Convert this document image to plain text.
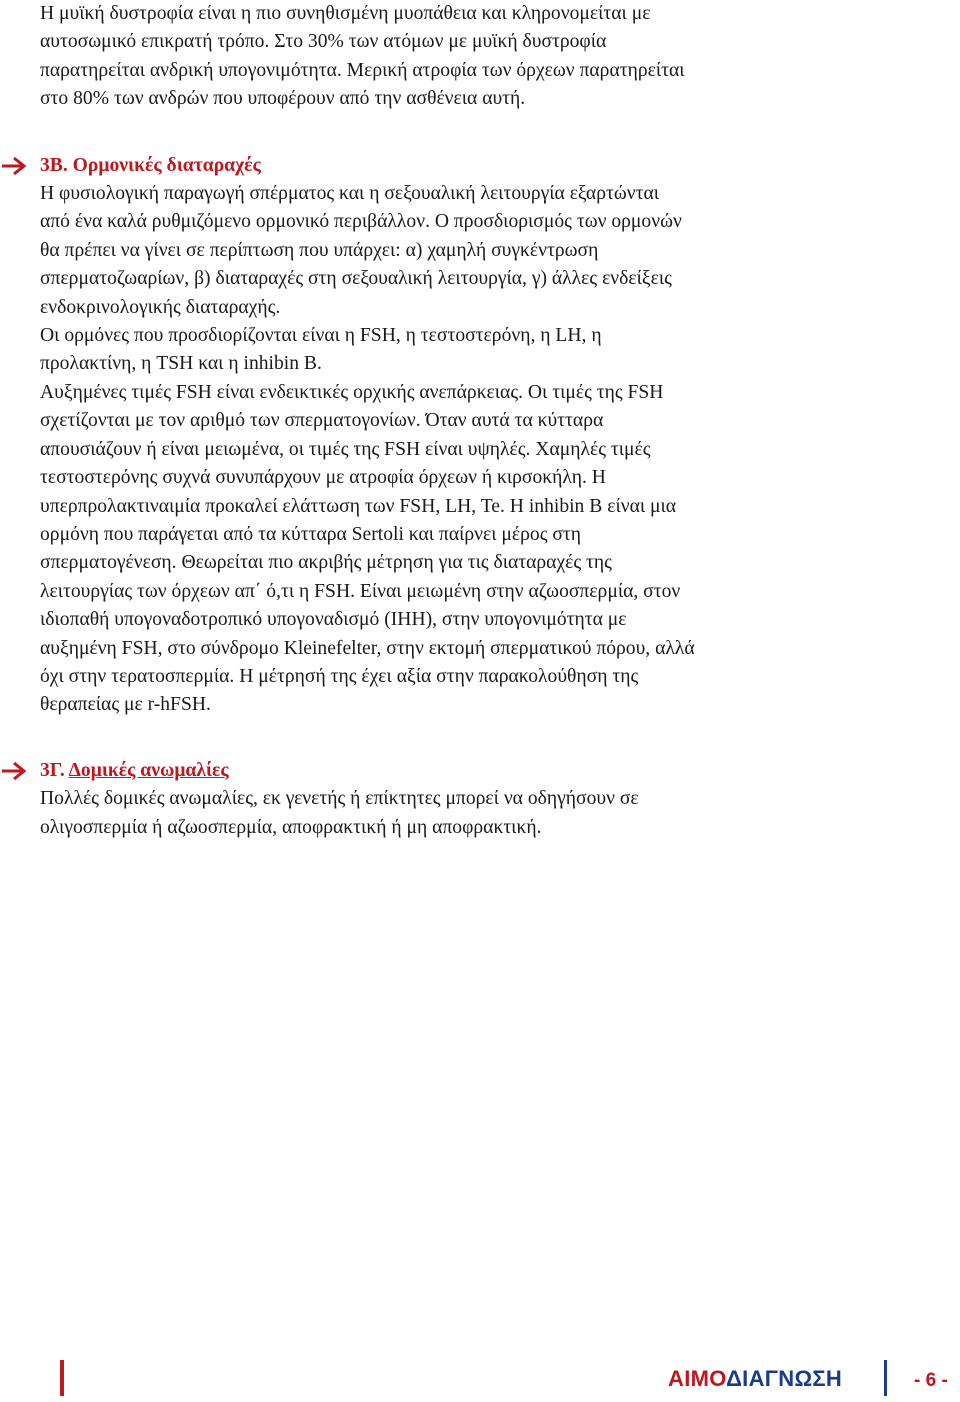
Η μυϊκή δυστροφία είναι η πιο συνηθισμένη μυοπάθεια και κληρονομείται με
αυτοσωμικό επικρατή τρόπο. Στο 30% των ατόμων με μυϊκή δυστροφία
παρατηρείται ανδρική υπογονιμότητα. Μερική ατροφία των όρχεων παρατηρείται
στο 80% των ανδρών που υποφέρουν από την ασθένεια αυτή.

3Β. Ορμονικές διαταραχές

Η φυσιολογική παραγωγή σπέρματος και η σεξουαλική λειτουργία εξαρτώνται
από ένα καλά ρυθμιζόμενο ορμονικό περιβάλλον. Ο προσδιορισμός των ορμονών
θα πρέπει να γίνει σε περίπτωση που υπάρχει: α) χαμηλή συγκέντρωση
σπερματοζωαρίων, β) διαταραχές στη σεξουαλική λειτουργία, γ) άλλες ενδείξεις
ενδοκρινολογικής διαταραχής.

Οι ορμόνες που προσδιορίζονται είναι η FSH, η τεστοστερόνη, η LH, η
προλακτίνη, η TSH και η inhibin B.

Αυξημένες τιμές FSH είναι ενδεικτικές ορχικής ανεπάρκειας. Οι τιμές της FSH
σχετίζονται με τον αριθμό των σπερματογονίων. Όταν αυτά τα κύτταρα
απουσιάζουν ή είναι μειωμένα, οι τιμές της FSH είναι υψηλές. Χαμηλές τιμές
τεστοστερόνης συχνά συνυπάρχουν με ατροφία όρχεων ή κιρσοκήλη. Η
υπερπρολακτιναιμία προκαλεί ελάττωση των FSH, LH, Te. Η inhibin B είναι μια
ορμόνη που παράγεται από τα κύτταρα Sertoli και παίρνει μέρος στη
σπερματογένεση. Θεωρείται πιο ακριβής μέτρηση για τις διαταραχές της
λειτουργίας των όρχεων απ΄ ό,τι η FSH. Είναι μειωμένη στην αζωοσπερμία, στον
ιδιοπαθή υπογοναδοτροπικό υπογοναδισμό (IHH), στην υπογονιμότητα με
αυξημένη FSH, στο σύνδρομο Kleinefelter, στην εκτομή σπερματικού πόρου, αλλά
όχι στην τερατοσπερμία. Η μέτρησή της έχει αξία στην παρακολούθηση της
θεραπείας με r-hFSH.

3Γ. Δομικές ανωμαλίες

Πολλές δομικές ανωμαλίες, εκ γενετής ή επίκτητες μπορεί να οδηγήσουν σε
ολιγοσπερμία ή αζωοσπερμία, αποφρακτική ή μη αποφρακτική.

ΑΙΜΟΔΙΑΓΝΩΣΗ	- 6 -
